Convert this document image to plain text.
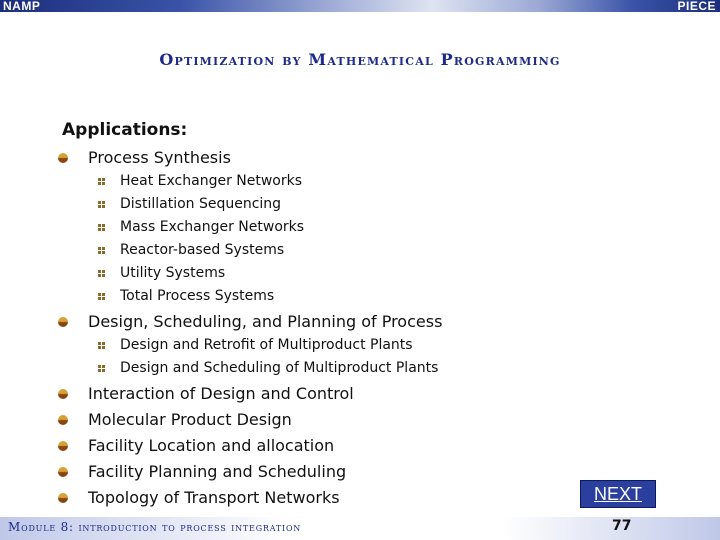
NAMP	PIECE
Optimization by Mathematical Programming
Applications:
Process Synthesis
Heat Exchanger Networks
Distillation Sequencing
Mass Exchanger Networks
Reactor-based Systems
Utility Systems
Total Process Systems
Design, Scheduling, and Planning of Process
Design and Retrofit of Multiproduct Plants
Design and Scheduling of Multiproduct Plants
Interaction of Design and Control
Molecular Product Design
Facility Location and allocation
Facility Planning and Scheduling
Topology of Transport Networks	NEXT
Module 8: introduction to process integration	77
